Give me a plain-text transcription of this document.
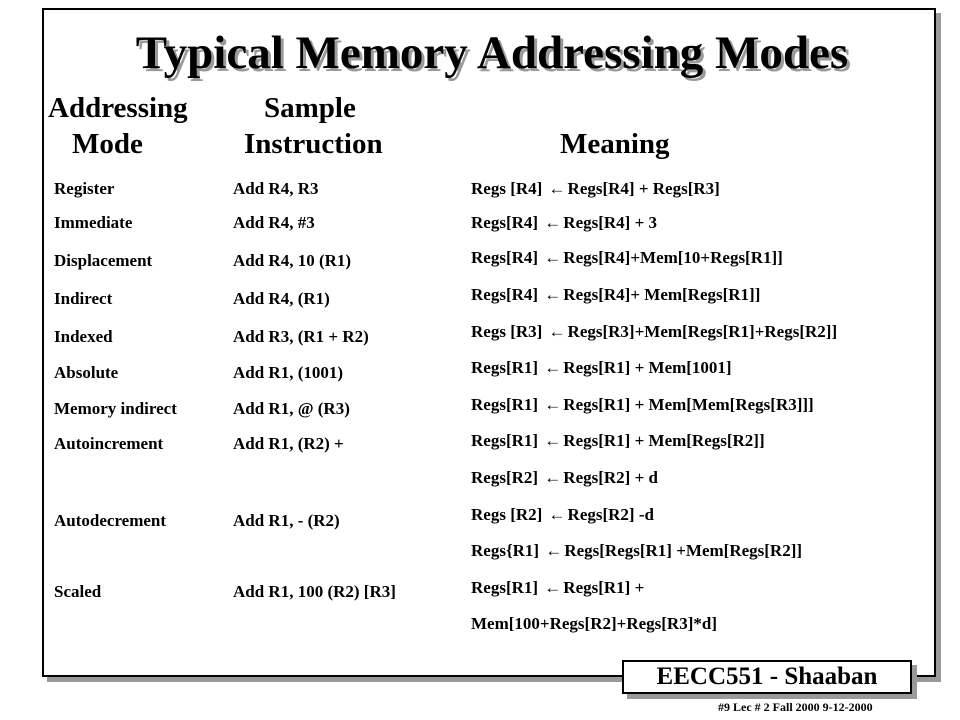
Typical Memory Addressing Modes
Addressing
Mode
Sample
Instruction	Meaning
Register
Immediate
Displacement
Indirect
Indexed
Absolute
Memory indirect
Autoincrement
Autodecrement
Scaled
Add R4, R3
Add R4, #3
Add R4, 10 (R1)
Add R4, (R1)
Add R3, (R1 + R2)
Add R1, (1001)
Add R1, @ (R3)
Add R1, (R2) +
Add R1, - (R2)
Add R1, 100 (R2) [R3]
Regs [R4] ← Regs[R4] + Regs[R3]
Regs[R4] ← Regs[R4] + 3
Regs[R4] ← Regs[R4]+Mem[10+Regs[R1]]
Regs[R4] ← Regs[R4]+ Mem[Regs[R1]]
Regs [R3] ← Regs[R3]+Mem[Regs[R1]+Regs[R2]]
Regs[R1] ← Regs[R1] + Mem[1001]
Regs[R1] ← Regs[R1] + Mem[Mem[Regs[R3]]]
Regs[R1] ← Regs[R1] + Mem[Regs[R2]]
Regs[R2] ← Regs[R2] + d
Regs [R2] ← Regs[R2] -d
Regs{R1] ← Regs[Regs[R1] +Mem[Regs[R2]]
Regs[R1] ← Regs[R1] +
Mem[100+Regs[R2]+Regs[R3]*d]
EECC551 - Shaaban
#9 Lec # 2 Fall 2000 9-12-2000
